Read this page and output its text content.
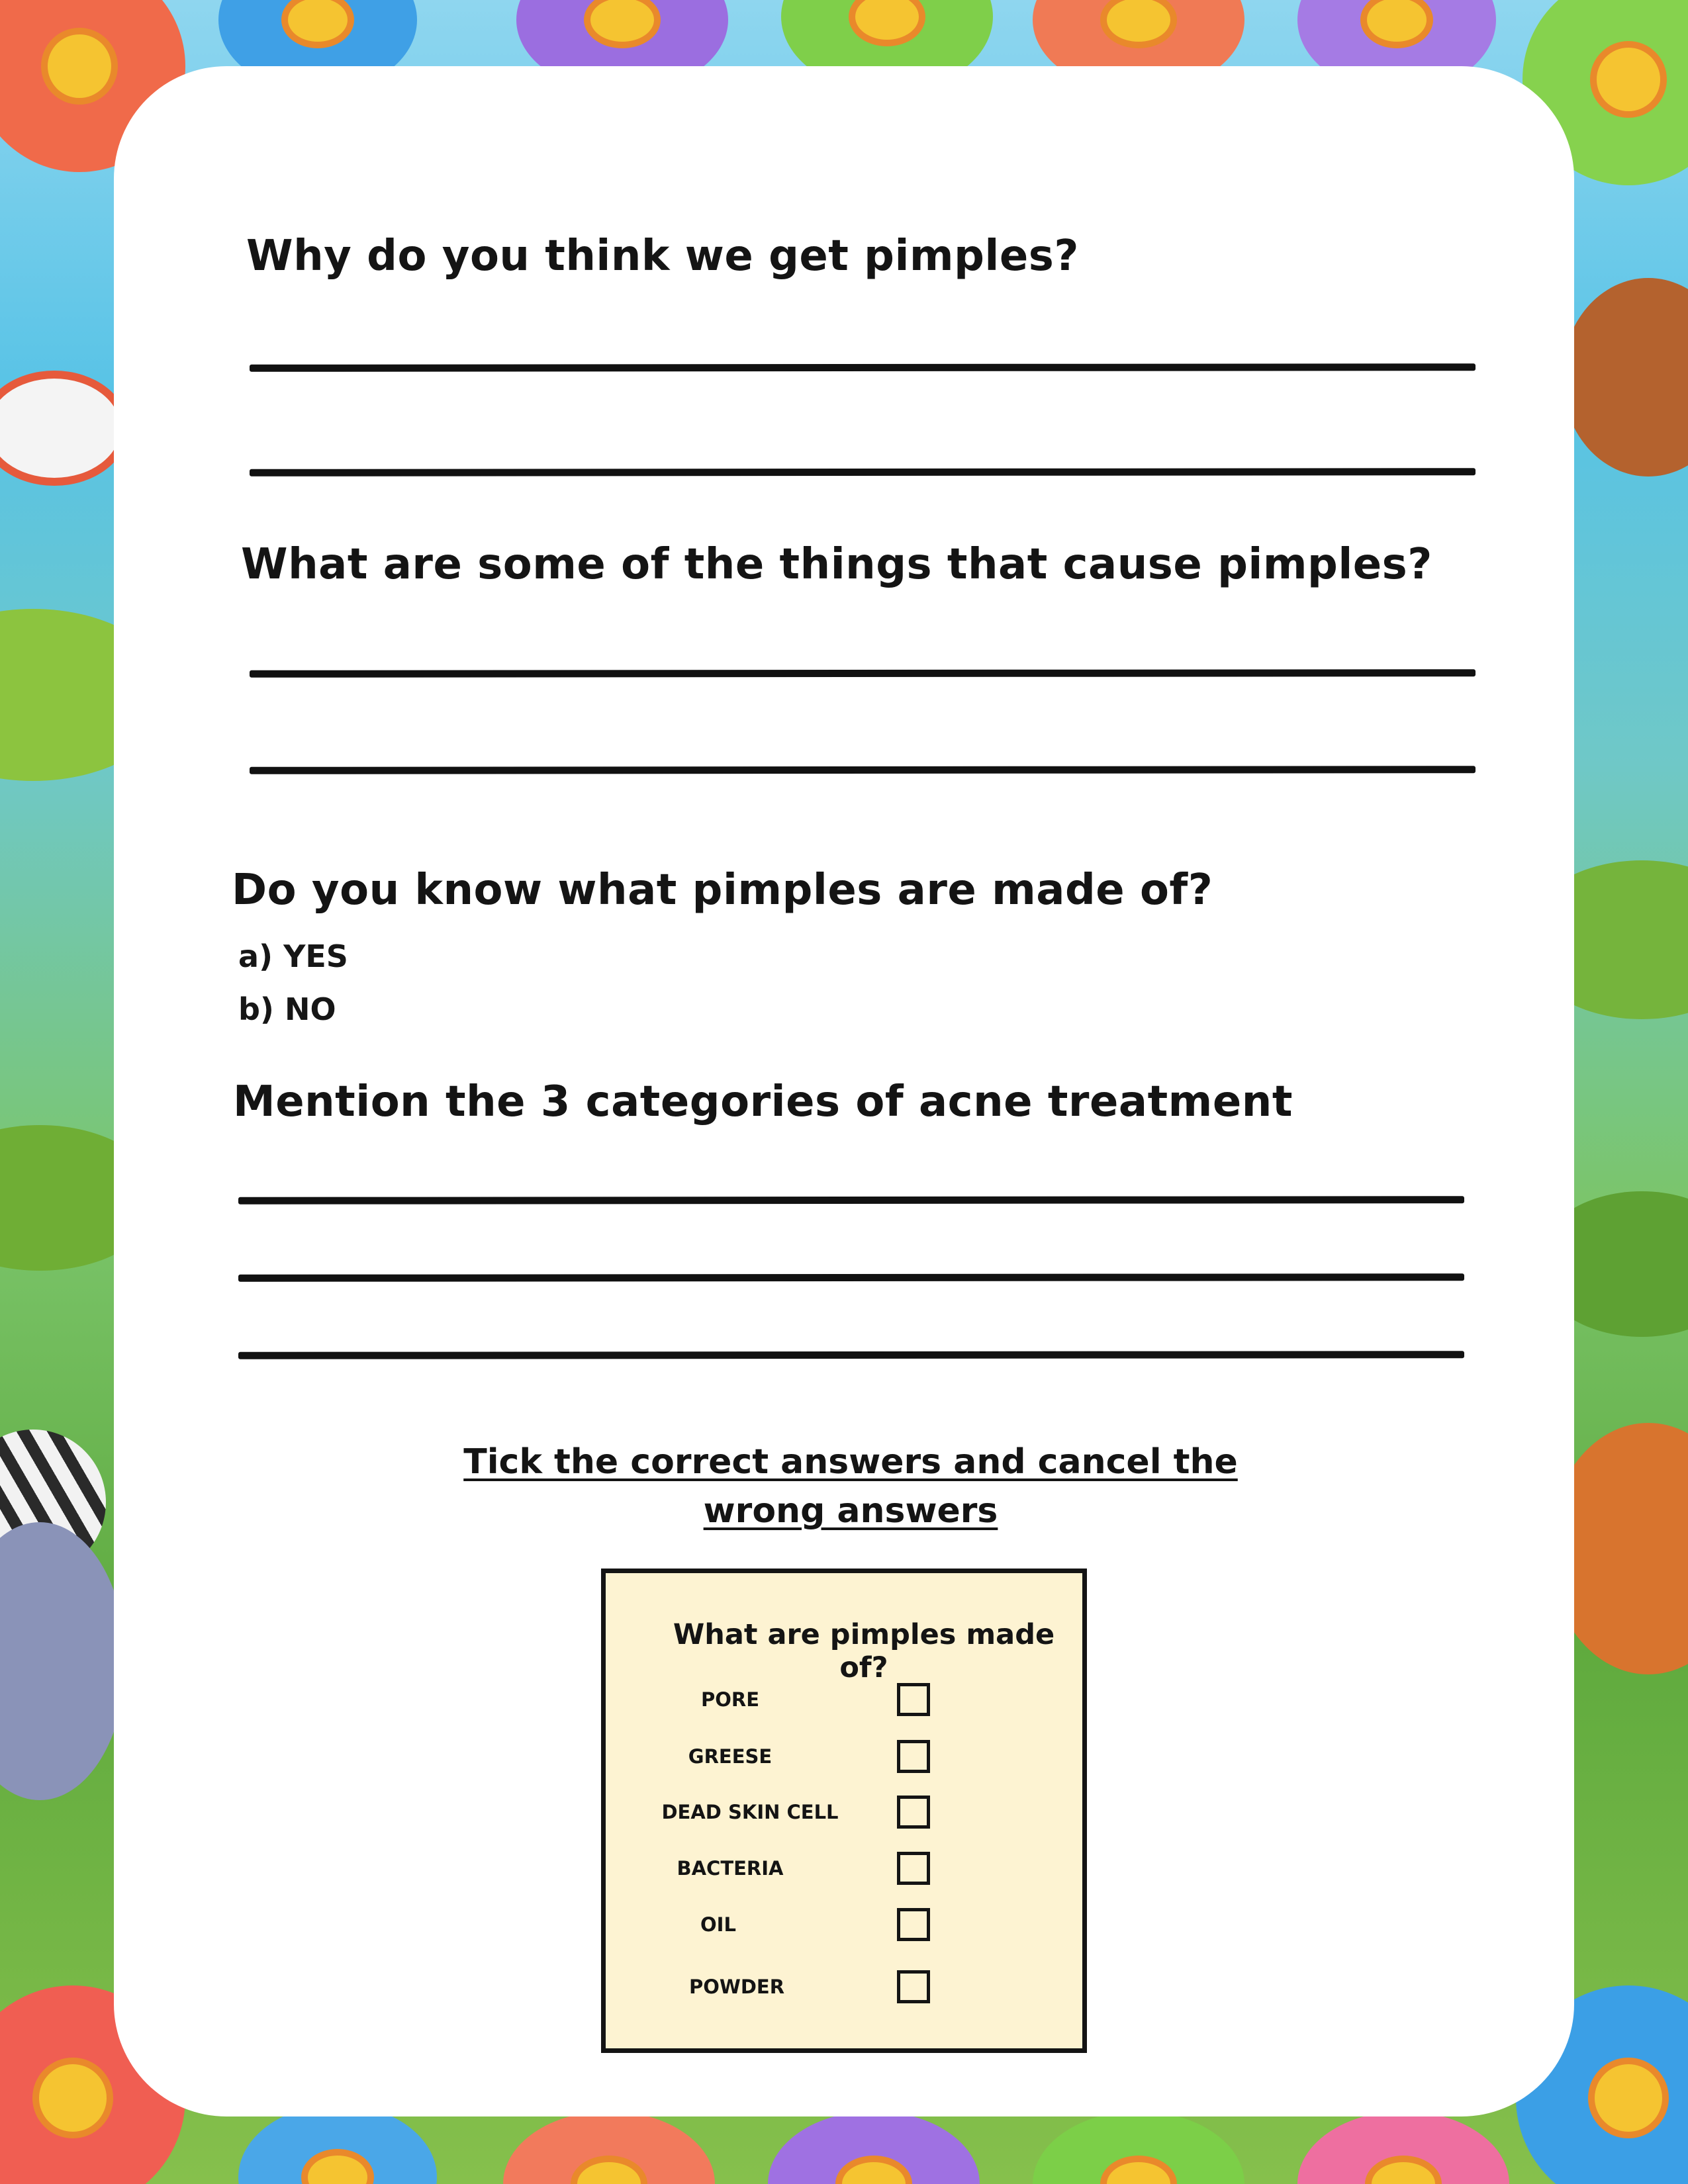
Why do you think we get pimples?
What are some of the things that cause pimples?
Do you know what pimples are made of?

a) YES

b) NO

Mention the 3 categories of acne treatment

Tick the correct answers and cancel the wrong answers

What are pimples made of?

PORE
GREESE
DEAD SKIN CELL
BACTERIA
OIL
POWDER
